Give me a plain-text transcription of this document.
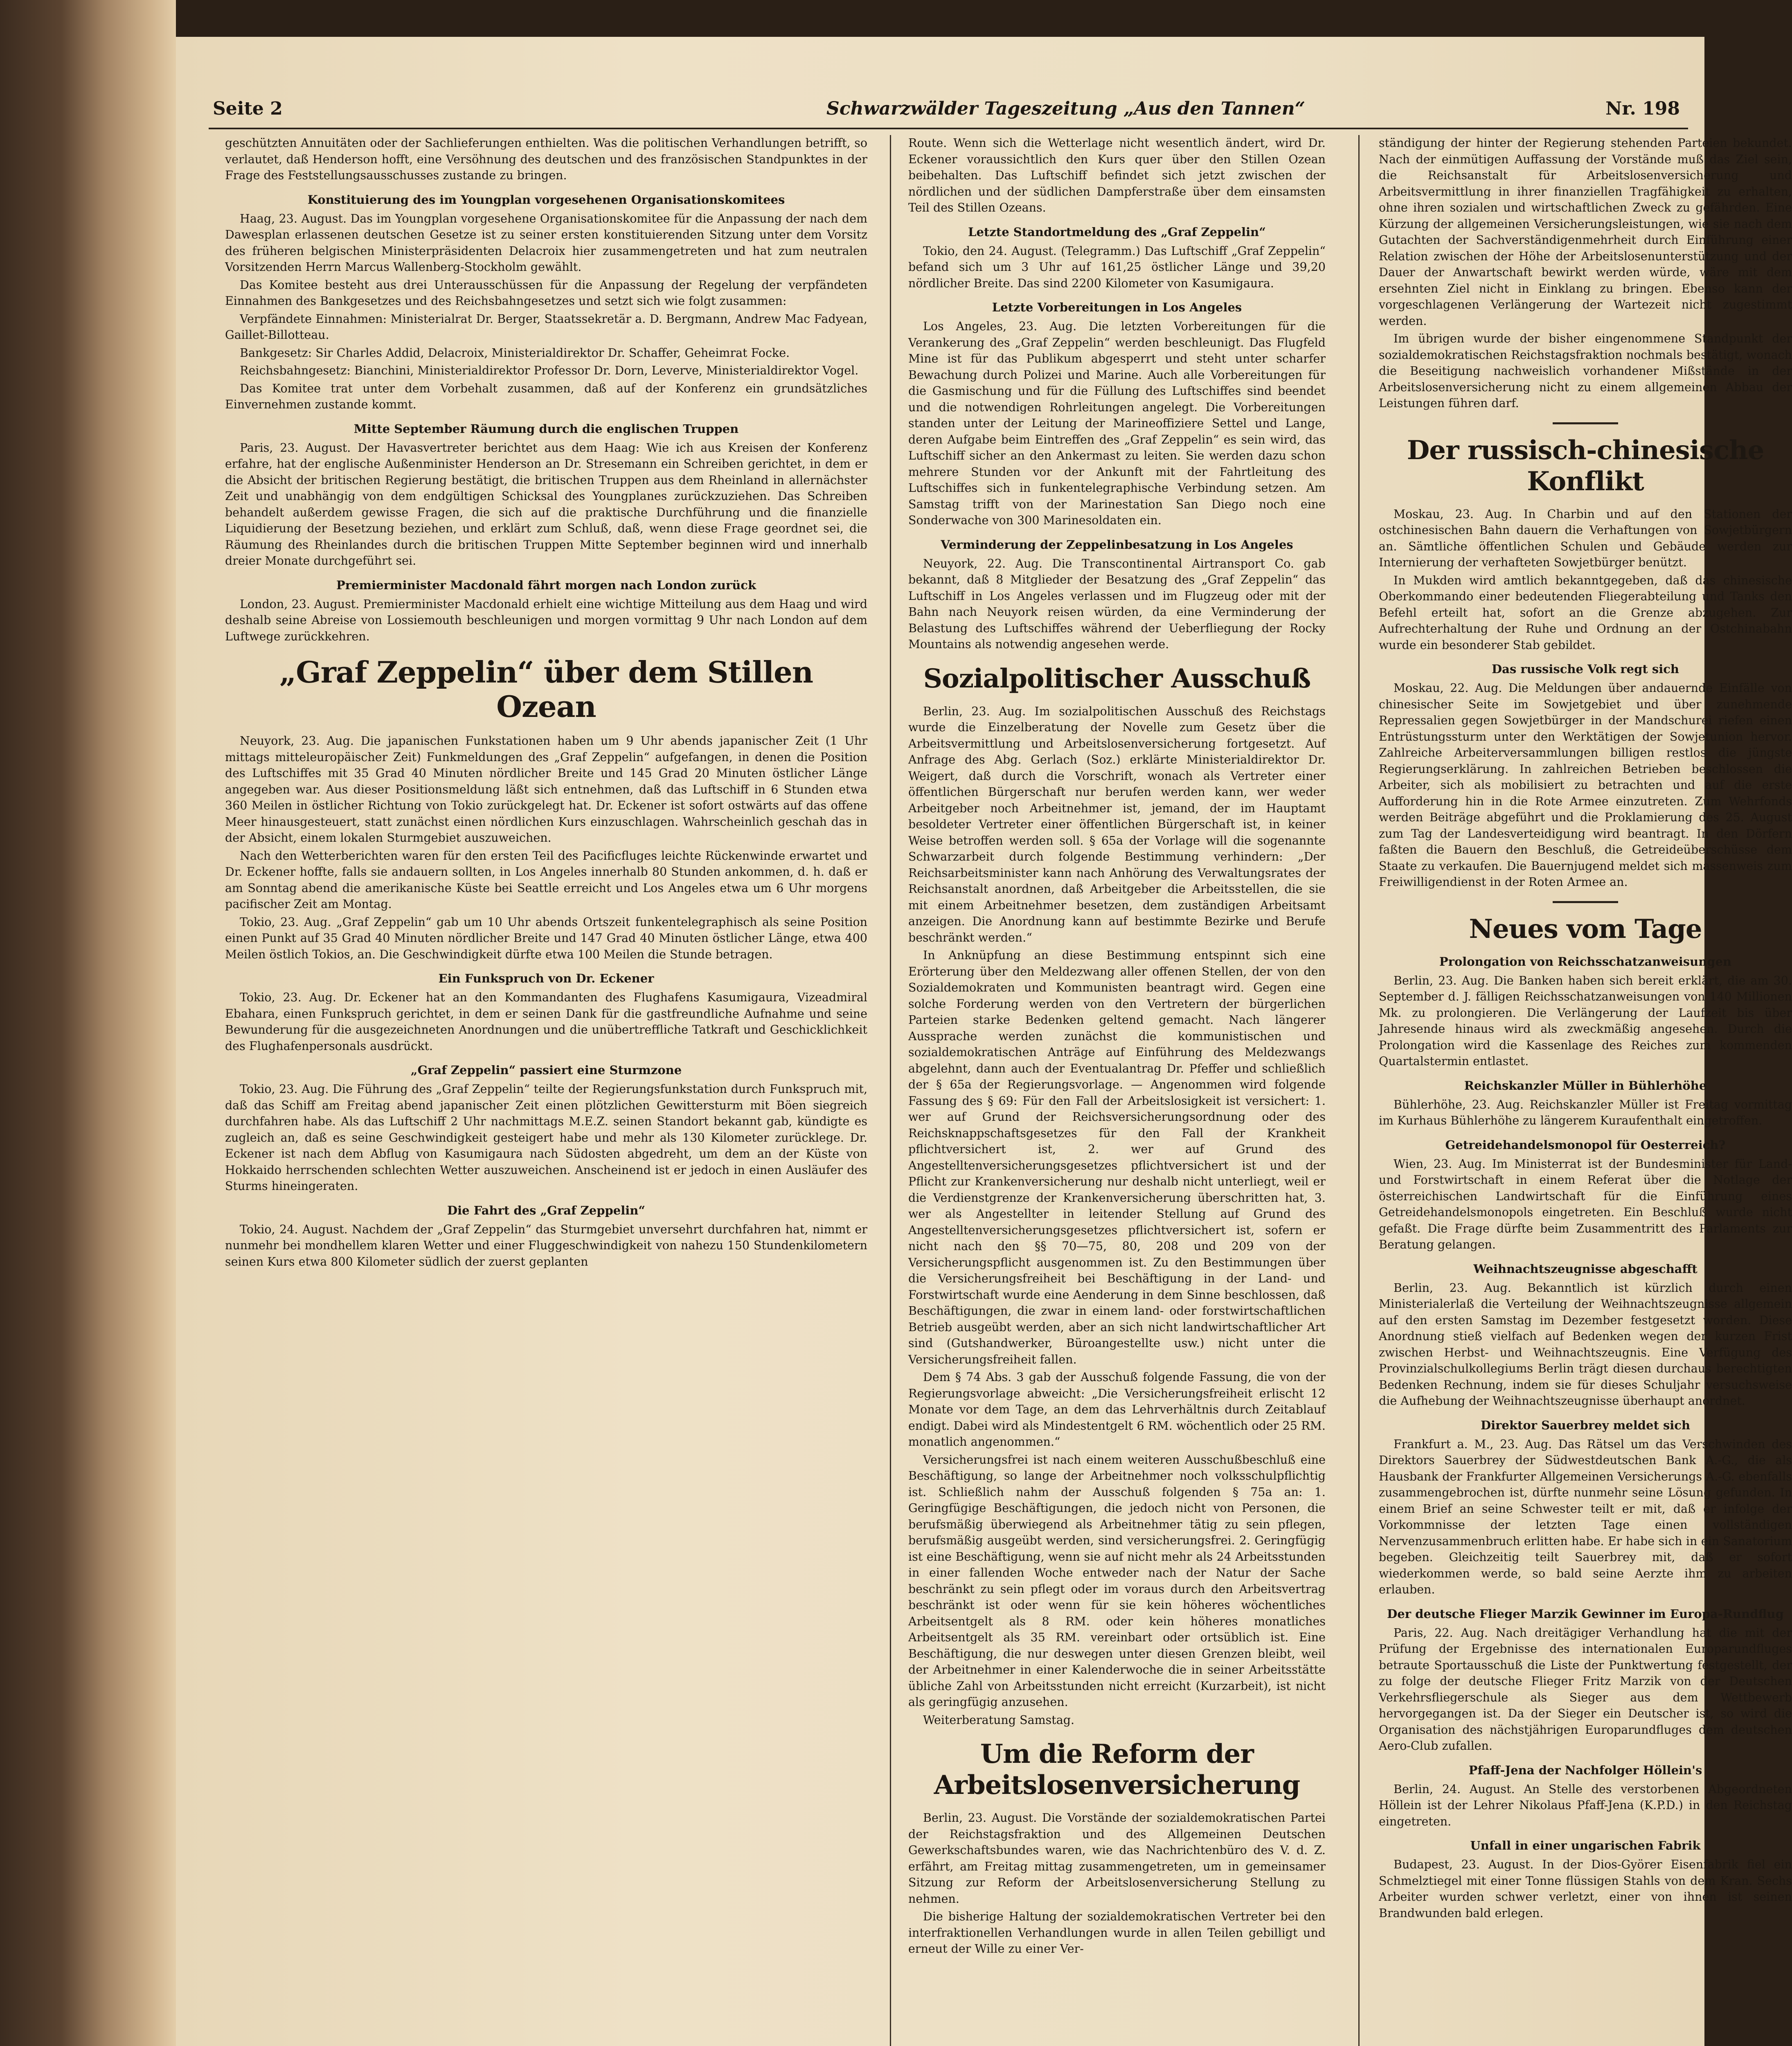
Seite 2	Schwarzwälder Tageszeitung „Aus den Tannen“	Nr. 198

geschützten Annuitäten oder der Sachlieferungen enthielten. Was die politischen Verhandlungen betrifft, so verlautet, daß Henderson hofft, eine Versöhnung des deutschen und des französischen Standpunktes in der Frage des Feststellungsausschusses zustande zu bringen.

Konstituierung des im Youngplan vorgesehenen Organisationskomitees

Haag, 23. August. Das im Youngplan vorgesehene Organisationskomitee für die Anpassung der nach dem Dawesplan erlassenen deutschen Gesetze ist zu seiner ersten konstituierenden Sitzung unter dem Vorsitz des früheren belgischen Ministerpräsidenten Delacroix hier zusammengetreten und hat zum neutralen Vorsitzenden Herrn Marcus Wallenberg-Stockholm gewählt.

Das Komitee besteht aus drei Unterausschüssen für die Anpassung der Regelung der verpfändeten Einnahmen des Bankgesetzes und des Reichsbahngesetzes und setzt sich wie folgt zusammen:

Verpfändete Einnahmen: Ministerialrat Dr. Berger, Staatssekretär a. D. Bergmann, Andrew Mac Fadyean, Gaillet-Billotteau.

Bankgesetz: Sir Charles Addid, Delacroix, Ministerialdirektor Dr. Schaffer, Geheimrat Focke.

Reichsbahngesetz: Bianchini, Ministerialdirektor Professor Dr. Dorn, Leverve, Ministerialdirektor Vogel.

Das Komitee trat unter dem Vorbehalt zusammen, daß auf der Konferenz ein grundsätzliches Einvernehmen zustande kommt.

Mitte September Räumung durch die englischen Truppen

Paris, 23. August. Der Havasvertreter berichtet aus dem Haag: Wie ich aus Kreisen der Konferenz erfahre, hat der englische Außenminister Henderson an Dr. Stresemann ein Schreiben gerichtet, in dem er die Absicht der britischen Regierung bestätigt, die britischen Truppen aus dem Rheinland in allernächster Zeit und unabhängig von dem endgültigen Schicksal des Youngplanes zurückzuziehen. Das Schreiben behandelt außerdem gewisse Fragen, die sich auf die praktische Durchführung und die finanzielle Liquidierung der Besetzung beziehen, und erklärt zum Schluß, daß, wenn diese Frage geordnet sei, die Räumung des Rheinlandes durch die britischen Truppen Mitte September beginnen wird und innerhalb dreier Monate durchgeführt sei.

Premierminister Macdonald fährt morgen nach London zurück

London, 23. August. Premierminister Macdonald erhielt eine wichtige Mitteilung aus dem Haag und wird deshalb seine Abreise von Lossiemouth beschleunigen und morgen vormittag 9 Uhr nach London auf dem Luftwege zurückkehren.

„Graf Zeppelin“ über dem Stillen Ozean

Neuyork, 23. Aug. Die japanischen Funkstationen haben um 9 Uhr abends japanischer Zeit (1 Uhr mittags mitteleuropäischer Zeit) Funkmeldungen des „Graf Zeppelin“ aufgefangen, in denen die Position des Luftschiffes mit 35 Grad 40 Minuten nördlicher Breite und 145 Grad 20 Minuten östlicher Länge angegeben war. Aus dieser Positionsmeldung läßt sich entnehmen, daß das Luftschiff in 6 Stunden etwa 360 Meilen in östlicher Richtung von Tokio zurückgelegt hat. Dr. Eckener ist sofort ostwärts auf das offene Meer hinausgesteuert, statt zunächst einen nördlichen Kurs einzuschlagen. Wahrscheinlich geschah das in der Absicht, einem lokalen Sturmgebiet auszuweichen.

Nach den Wetterberichten waren für den ersten Teil des Pacificfluges leichte Rückenwinde erwartet und Dr. Eckener hoffte, falls sie andauern sollten, in Los Angeles innerhalb 80 Stunden ankommen, d. h. daß er am Sonntag abend die amerikanische Küste bei Seattle erreicht und Los Angeles etwa um 6 Uhr morgens pacifischer Zeit am Montag.

Tokio, 23. Aug. „Graf Zeppelin“ gab um 10 Uhr abends Ortszeit funkentelegraphisch als seine Position einen Punkt auf 35 Grad 40 Minuten nördlicher Breite und 147 Grad 40 Minuten östlicher Länge, etwa 400 Meilen östlich Tokios, an. Die Geschwindigkeit dürfte etwa 100 Meilen die Stunde betragen.

Ein Funkspruch von Dr. Eckener

Tokio, 23. Aug. Dr. Eckener hat an den Kommandanten des Flughafens Kasumigaura, Vizeadmiral Ebahara, einen Funkspruch gerichtet, in dem er seinen Dank für die gastfreundliche Aufnahme und seine Bewunderung für die ausgezeichneten Anordnungen und die unübertreffliche Tatkraft und Geschicklichkeit des Flughafenpersonals ausdrückt.

„Graf Zeppelin“ passiert eine Sturmzone

Tokio, 23. Aug. Die Führung des „Graf Zeppelin“ teilte der Regierungsfunkstation durch Funkspruch mit, daß das Schiff am Freitag abend japanischer Zeit einen plötzlichen Gewittersturm mit Böen siegreich durchfahren habe. Als das Luftschiff 2 Uhr nachmittags M.E.Z. seinen Standort bekannt gab, kündigte es zugleich an, daß es seine Geschwindigkeit gesteigert habe und mehr als 130 Kilometer zurücklege. Dr. Eckener ist nach dem Abflug von Kasumigaura nach Südosten abgedreht, um dem an der Küste von Hokkaido herrschenden schlechten Wetter auszuweichen. Anscheinend ist er jedoch in einen Ausläufer des Sturms hineingeraten.

Die Fahrt des „Graf Zeppelin“

Tokio, 24. August. Nachdem der „Graf Zeppelin“ das Sturmgebiet unversehrt durchfahren hat, nimmt er nunmehr bei mondhellem klaren Wetter und einer Fluggeschwindigkeit von nahezu 150 Stundenkilometern seinen Kurs etwa 800 Kilometer südlich der zuerst geplanten

Route. Wenn sich die Wetterlage nicht wesentlich ändert, wird Dr. Eckener voraussichtlich den Kurs quer über den Stillen Ozean beibehalten. Das Luftschiff befindet sich jetzt zwischen der nördlichen und der südlichen Dampferstraße über dem einsamsten Teil des Stillen Ozeans.

Letzte Standortmeldung des „Graf Zeppelin“

Tokio, den 24. August. (Telegramm.) Das Luftschiff „Graf Zeppelin“ befand sich um 3 Uhr auf 161,25 östlicher Länge und 39,20 nördlicher Breite. Das sind 2200 Kilometer von Kasumigaura.

Letzte Vorbereitungen in Los Angeles

Los Angeles, 23. Aug. Die letzten Vorbereitungen für die Verankerung des „Graf Zeppelin“ werden beschleunigt. Das Flugfeld Mine ist für das Publikum abgesperrt und steht unter scharfer Bewachung durch Polizei und Marine. Auch alle Vorbereitungen für die Gasmischung und für die Füllung des Luftschiffes sind beendet und die notwendigen Rohrleitungen angelegt. Die Vorbereitungen standen unter der Leitung der Marineoffiziere Settel und Lange, deren Aufgabe beim Eintreffen des „Graf Zeppelin“ es sein wird, das Luftschiff sicher an den Ankermast zu leiten. Sie werden dazu schon mehrere Stunden vor der Ankunft mit der Fahrtleitung des Luftschiffes sich in funkentelegraphische Verbindung setzen. Am Samstag trifft von der Marinestation San Diego noch eine Sonderwache von 300 Marinesoldaten ein.

Verminderung der Zeppelinbesatzung in Los Angeles

Neuyork, 22. Aug. Die Transcontinental Airtransport Co. gab bekannt, daß 8 Mitglieder der Besatzung des „Graf Zeppelin“ das Luftschiff in Los Angeles verlassen und im Flugzeug oder mit der Bahn nach Neuyork reisen würden, da eine Verminderung der Belastung des Luftschiffes während der Ueberfliegung der Rocky Mountains als notwendig angesehen werde.

Sozialpolitischer Ausschuß

Berlin, 23. Aug. Im sozialpolitischen Ausschuß des Reichstags wurde die Einzelberatung der Novelle zum Gesetz über die Arbeitsvermittlung und Arbeitslosenversicherung fortgesetzt. Auf Anfrage des Abg. Gerlach (Soz.) erklärte Ministerialdirektor Dr. Weigert, daß durch die Vorschrift, wonach als Vertreter einer öffentlichen Bürgerschaft nur berufen werden kann, wer weder Arbeitgeber noch Arbeitnehmer ist, jemand, der im Hauptamt besoldeter Vertreter einer öffentlichen Bürgerschaft ist, in keiner Weise betroffen werden soll. § 65a der Vorlage will die sogenannte Schwarzarbeit durch folgende Bestimmung verhindern: „Der Reichsarbeitsminister kann nach Anhörung des Verwaltungsrates der Reichsanstalt anordnen, daß Arbeitgeber die Arbeitsstellen, die sie mit einem Arbeitnehmer besetzen, dem zuständigen Arbeitsamt anzeigen. Die Anordnung kann auf bestimmte Bezirke und Berufe beschränkt werden.“

In Anknüpfung an diese Bestimmung entspinnt sich eine Erörterung über den Meldezwang aller offenen Stellen, der von den Sozialdemokraten und Kommunisten beantragt wird. Gegen eine solche Forderung werden von den Vertretern der bürgerlichen Parteien starke Bedenken geltend gemacht. Nach längerer Aussprache werden zunächst die kommunistischen und sozialdemokratischen Anträge auf Einführung des Meldezwangs abgelehnt, dann auch der Eventualantrag Dr. Pfeffer und schließlich der § 65a der Regierungsvorlage. — Angenommen wird folgende Fassung des § 69: Für den Fall der Arbeitslosigkeit ist versichert: 1. wer auf Grund der Reichsversicherungsordnung oder des Reichsknappschaftsgesetzes für den Fall der Krankheit pflichtversichert ist, 2. wer auf Grund des Angestelltenversicherungsgesetzes pflichtversichert ist und der Pflicht zur Krankenversicherung nur deshalb nicht unterliegt, weil er die Verdienstgrenze der Krankenversicherung überschritten hat, 3. wer als Angestellter in leitender Stellung auf Grund des Angestelltenversicherungsgesetzes pflichtversichert ist, sofern er nicht nach den §§ 70—75, 80, 208 und 209 von der Versicherungspflicht ausgenommen ist. Zu den Bestimmungen über die Versicherungsfreiheit bei Beschäftigung in der Land- und Forstwirtschaft wurde eine Aenderung in dem Sinne beschlossen, daß Beschäftigungen, die zwar in einem land- oder forstwirtschaftlichen Betrieb ausgeübt werden, aber an sich nicht landwirtschaftlicher Art sind (Gutshandwerker, Büroangestellte usw.) nicht unter die Versicherungsfreiheit fallen.

Dem § 74 Abs. 3 gab der Ausschuß folgende Fassung, die von der Regierungsvorlage abweicht: „Die Versicherungsfreiheit erlischt 12 Monate vor dem Tage, an dem das Lehrverhältnis durch Zeitablauf endigt. Dabei wird als Mindestentgelt 6 RM. wöchentlich oder 25 RM. monatlich angenommen.“

Versicherungsfrei ist nach einem weiteren Ausschußbeschluß eine Beschäftigung, so lange der Arbeitnehmer noch volksschulpflichtig ist. Schließlich nahm der Ausschuß folgenden § 75a an: 1. Geringfügige Beschäftigungen, die jedoch nicht von Personen, die berufsmäßig überwiegend als Arbeitnehmer tätig zu sein pflegen, berufsmäßig ausgeübt werden, sind versicherungsfrei. 2. Geringfügig ist eine Beschäftigung, wenn sie auf nicht mehr als 24 Arbeitsstunden in einer fallenden Woche entweder nach der Natur der Sache beschränkt zu sein pflegt oder im voraus durch den Arbeitsvertrag beschränkt ist oder wenn für sie kein höheres wöchentliches Arbeitsentgelt als 8 RM. oder kein höheres monatliches Arbeitsentgelt als 35 RM. vereinbart oder ortsüblich ist. Eine Beschäftigung, die nur deswegen unter diesen Grenzen bleibt, weil der Arbeitnehmer in einer Kalenderwoche die in seiner Arbeitsstätte übliche Zahl von Arbeitsstunden nicht erreicht (Kurzarbeit), ist nicht als geringfügig anzusehen.

Weiterberatung Samstag.

Um die Reform der Arbeitslosenversicherung

Berlin, 23. August. Die Vorstände der sozialdemokratischen Partei der Reichstagsfraktion und des Allgemeinen Deutschen Gewerkschaftsbundes waren, wie das Nachrichtenbüro des V. d. Z. erfährt, am Freitag mittag zusammengetreten, um in gemeinsamer Sitzung zur Reform der Arbeitslosenversicherung Stellung zu nehmen.

Die bisherige Haltung der sozialdemokratischen Vertreter bei den interfraktionellen Verhandlungen wurde in allen Teilen gebilligt und erneut der Wille zu einer Ver-

ständigung der hinter der Regierung stehenden Parteien bekundet. Nach der einmütigen Auffassung der Vorstände muß das Ziel sein, die Reichsanstalt für Arbeitslosenversicherung und Arbeitsvermittlung in ihrer finanziellen Tragfähigkeit zu erhalten, ohne ihren sozialen und wirtschaftlichen Zweck zu gefährden. Eine Kürzung der allgemeinen Versicherungsleistungen, wie sie nach dem Gutachten der Sachverständigenmehrheit durch Einführung einer Relation zwischen der Höhe der Arbeitslosenunterstützung und der Dauer der Anwartschaft bewirkt werden würde, wäre mit dem ersehnten Ziel nicht in Einklang zu bringen. Ebenso kann der vorgeschlagenen Verlängerung der Wartezeit nicht zugestimmt werden.

Im übrigen wurde der bisher eingenommene Standpunkt der sozialdemokratischen Reichstagsfraktion nochmals bestätigt, wonach die Beseitigung nachweislich vorhandener Mißstände in der Arbeitslosenversicherung nicht zu einem allgemeinen Abbau der Leistungen führen darf.

Der russisch-chinesische Konflikt

Moskau, 23. Aug. In Charbin und auf den Stationen der ostchinesischen Bahn dauern die Verhaftungen von Sowjetbürgern an. Sämtliche öffentlichen Schulen und Gebäude werden zur Internierung der verhafteten Sowjetbürger benützt.

In Mukden wird amtlich bekanntgegeben, daß das chinesische Oberkommando einer bedeutenden Fliegerabteilung und Tanks den Befehl erteilt hat, sofort an die Grenze abzugehen. Zur Aufrechterhaltung der Ruhe und Ordnung an der Ostchinabahn wurde ein besonderer Stab gebildet.

Das russische Volk regt sich

Moskau, 22. Aug. Die Meldungen über andauernde Einfälle von chinesischer Seite im Sowjetgebiet und über zunehmende Repressalien gegen Sowjetbürger in der Mandschurei riefen einen Entrüstungssturm unter den Werktätigen der Sowjetunion hervor. Zahlreiche Arbeiterversammlungen billigen restlos die jüngste Regierungserklärung. In zahlreichen Betrieben beschlossen die Arbeiter, sich als mobilisiert zu betrachten und auf die erste Aufforderung hin in die Rote Armee einzutreten. Zum Wehrfonds werden Beiträge abgeführt und die Proklamierung des 25. August zum Tag der Landesverteidigung wird beantragt. In den Dörfern faßten die Bauern den Beschluß, die Getreideüberschüsse dem Staate zu verkaufen. Die Bauernjugend meldet sich massenweis zum Freiwilligendienst in der Roten Armee an.

Neues vom Tage
Prolongation von Reichsschatzanweisungen

Berlin, 23. Aug. Die Banken haben sich bereit erklärt, die am 30. September d. J. fälligen Reichsschatzanweisungen von 140 Millionen Mk. zu prolongieren. Die Verlängerung der Laufzeit bis über Jahresende hinaus wird als zweckmäßig angesehen. Durch die Prolongation wird die Kassenlage des Reiches zum kommenden Quartalstermin entlastet.

Reichskanzler Müller in Bühlerhöhe

Bühlerhöhe, 23. Aug. Reichskanzler Müller ist Freitag vormittag im Kurhaus Bühlerhöhe zu längerem Kuraufenthalt eingetroffen.

Getreidehandelsmonopol für Oesterreich?

Wien, 23. Aug. Im Ministerrat ist der Bundesminister für Land- und Forstwirtschaft in einem Referat über die Notlage der österreichischen Landwirtschaft für die Einführung eines Getreidehandelsmonopols eingetreten. Ein Beschluß wurde nicht gefaßt. Die Frage dürfte beim Zusammentritt des Parlaments zur Beratung gelangen.

Weihnachtszeugnisse abgeschafft

Berlin, 23. Aug. Bekanntlich ist kürzlich durch einen Ministerialerlaß die Verteilung der Weihnachtszeugnisse allgemein auf den ersten Samstag im Dezember festgesetzt worden. Diese Anordnung stieß vielfach auf Bedenken wegen der kurzen Frist zwischen Herbst- und Weihnachtszeugnis. Eine Verfügung des Provinzialschulkollegiums Berlin trägt diesen durchaus berechtigten Bedenken Rechnung, indem sie für dieses Schuljahr versuchsweise die Aufhebung der Weihnachtszeugnisse überhaupt anordnet.

Direktor Sauerbrey meldet sich

Frankfurt a. M., 23. Aug. Das Rätsel um das Verschwinden des Direktors Sauerbrey der Südwestdeutschen Bank A.-G., die als Hausbank der Frankfurter Allgemeinen Versicherungs A.-G. ebenfalls zusammengebrochen ist, dürfte nunmehr seine Lösung gefunden. In einem Brief an seine Schwester teilt er mit, daß er infolge der Vorkommnisse der letzten Tage einen vollständigen Nervenzusammenbruch erlitten habe. Er habe sich in ein Sanatorium begeben. Gleichzeitig teilt Sauerbrey mit, daß er sofort wiederkommen werde, so bald seine Aerzte ihm zu arbeiten erlauben.

Der deutsche Flieger Marzik Gewinner im Europa-Rundflug

Paris, 22. Aug. Nach dreitägiger Verhandlung hat die mit der Prüfung der Ergebnisse des internationalen Europarundfluges betraute Sportausschuß die Liste der Punktwertung festgestellt, der zu folge der deutsche Flieger Fritz Marzik von der Deutschen Verkehrsfliegerschule als Sieger aus dem Wettbewerb hervorgegangen ist. Da der Sieger ein Deutscher ist, so wird die Organisation des nächstjährigen Europarundfluges dem deutschen Aero-Club zufallen.

Pfaff-Jena der Nachfolger Höllein's

Berlin, 24. August. An Stelle des verstorbenen Abgeordneten Höllein ist der Lehrer Nikolaus Pfaff-Jena (K.P.D.) in den Reichstag eingetreten.

Unfall in einer ungarischen Fabrik

Budapest, 23. August. In der Dios-Györer Eisenfabrik fiel ein Schmelztiegel mit einer Tonne flüssigen Stahls von dem Kran. Sechs Arbeiter wurden schwer verletzt, einer von ihnen ist seinen Brandwunden bald erlegen.
